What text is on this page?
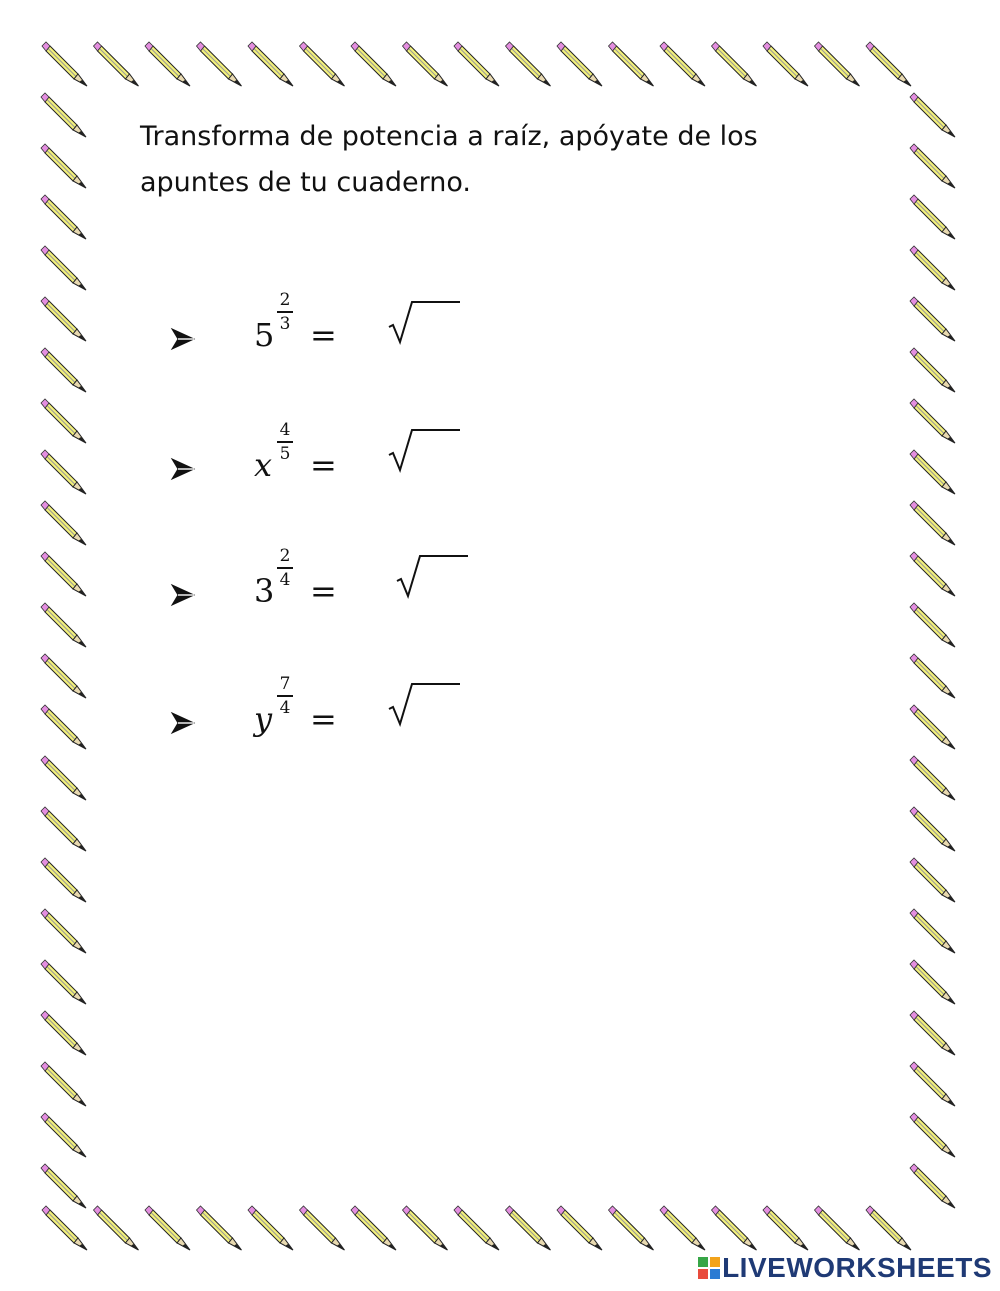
Transforma de potencia a raíz, apóyate de los
apuntes de tu cuaderno.
5
2
3 =
x
4
5 =
3
2
4 =
y
7
4 =
LIVEWORKSHEETS
